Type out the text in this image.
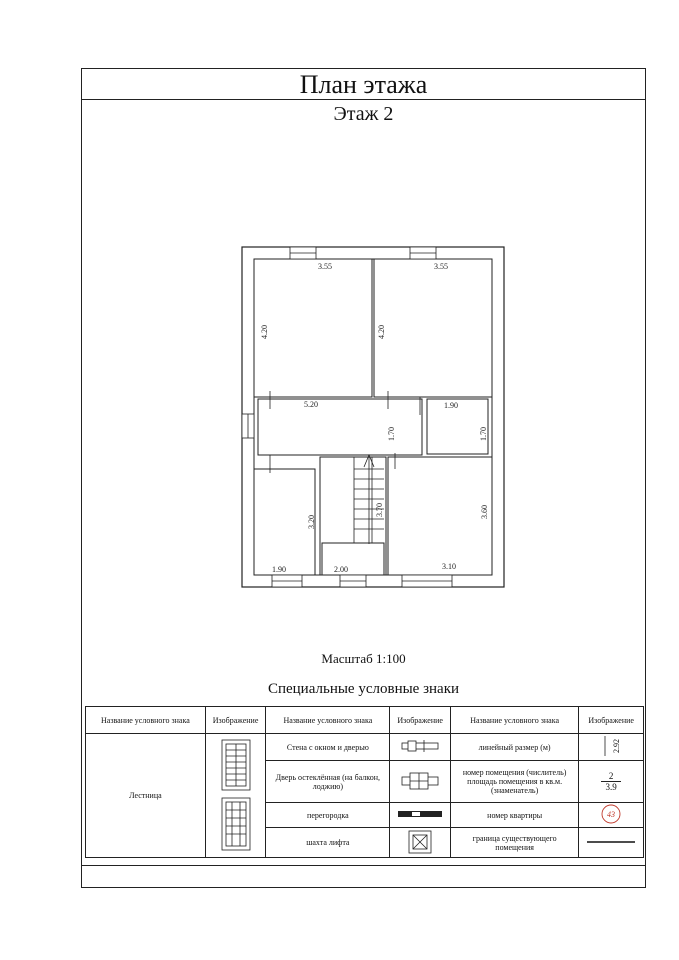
План этажа
Этаж 2
3.55
4.20
3.55
4.20
5.20
1.70
1.90
1.70
3.70
3.20
1.90	2.00	3.10
3.60
Масштаб 1:100
Специальные условные знаки
Название условного знака	Изображение	Название условного знака	Изображение	Название условного знака	Изображение
Лестница		Стена с окном и дверью		линейный размер (м)	2.92

		Дверь остеклённая (на балкон, лоджию)		номер помещения (числитель) площадь помещения в кв.м. (знаменатель)	2
3.9

		перегородка		номер квартиры	43

		шахта лифта		граница существующего помещения	
